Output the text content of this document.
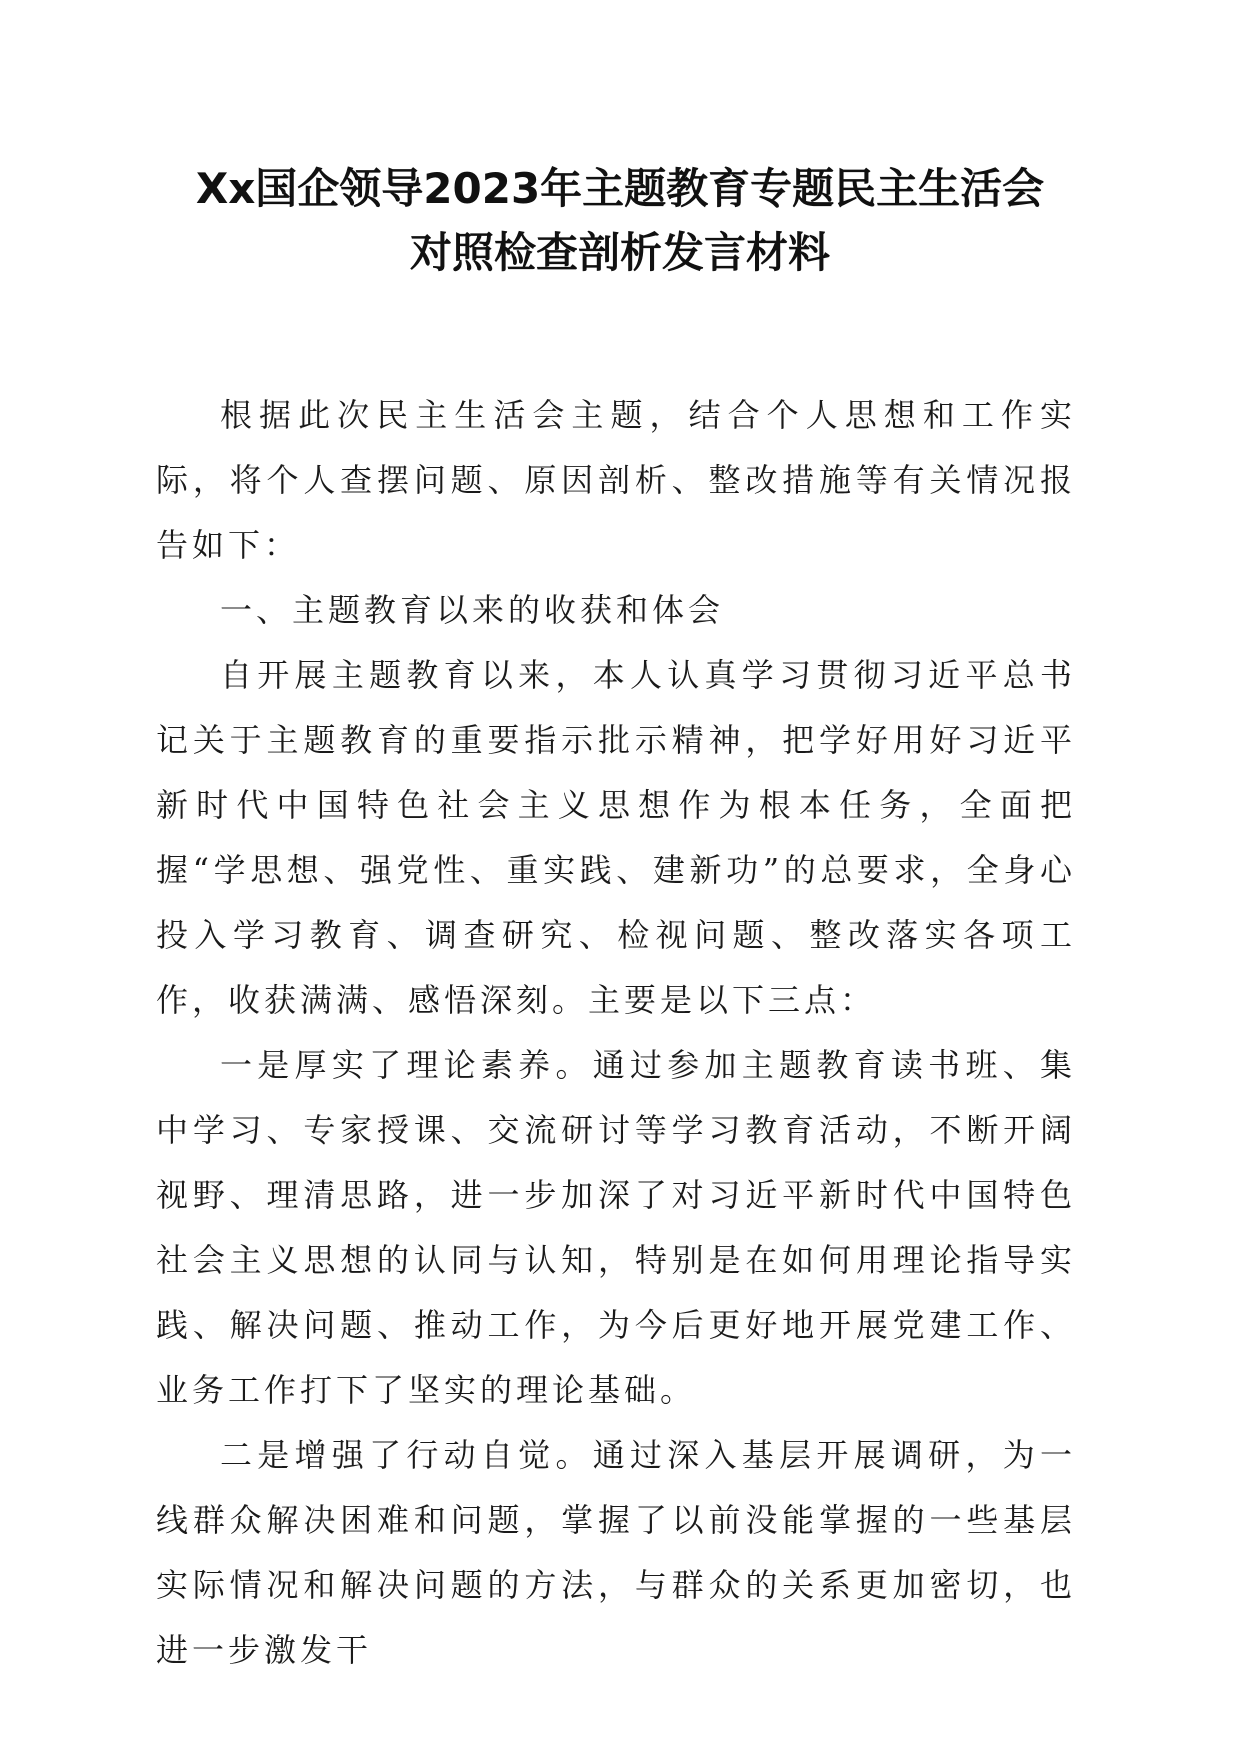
Xx国企领导2023年主题教育专题民主生活会
对照检查剖析发言材料

根据此次民主生活会主题，结合个人思想和工作实际，将个人查摆问题、原因剖析、整改措施等有关情况报告如下：

一、主题教育以来的收获和体会

自开展主题教育以来，本人认真学习贯彻习近平总书记关于主题教育的重要指示批示精神，把学好用好习近平新时代中国特色社会主义思想作为根本任务，全面把握“学思想、强党性、重实践、建新功”的总要求，全身心投入学习教育、调查研究、检视问题、整改落实各项工作，收获满满、感悟深刻。主要是以下三点：

一是厚实了理论素养。通过参加主题教育读书班、集中学习、专家授课、交流研讨等学习教育活动，不断开阔视野、理清思路，进一步加深了对习近平新时代中国特色社会主义思想的认同与认知，特别是在如何用理论指导实践、解决问题、推动工作，为今后更好地开展党建工作、业务工作打下了坚实的理论基础。

二是增强了行动自觉。通过深入基层开展调研，为一线群众解决困难和问题，掌握了以前没能掌握的一些基层实际情况和解决问题的方法，与群众的关系更加密切，也进一步激发干
